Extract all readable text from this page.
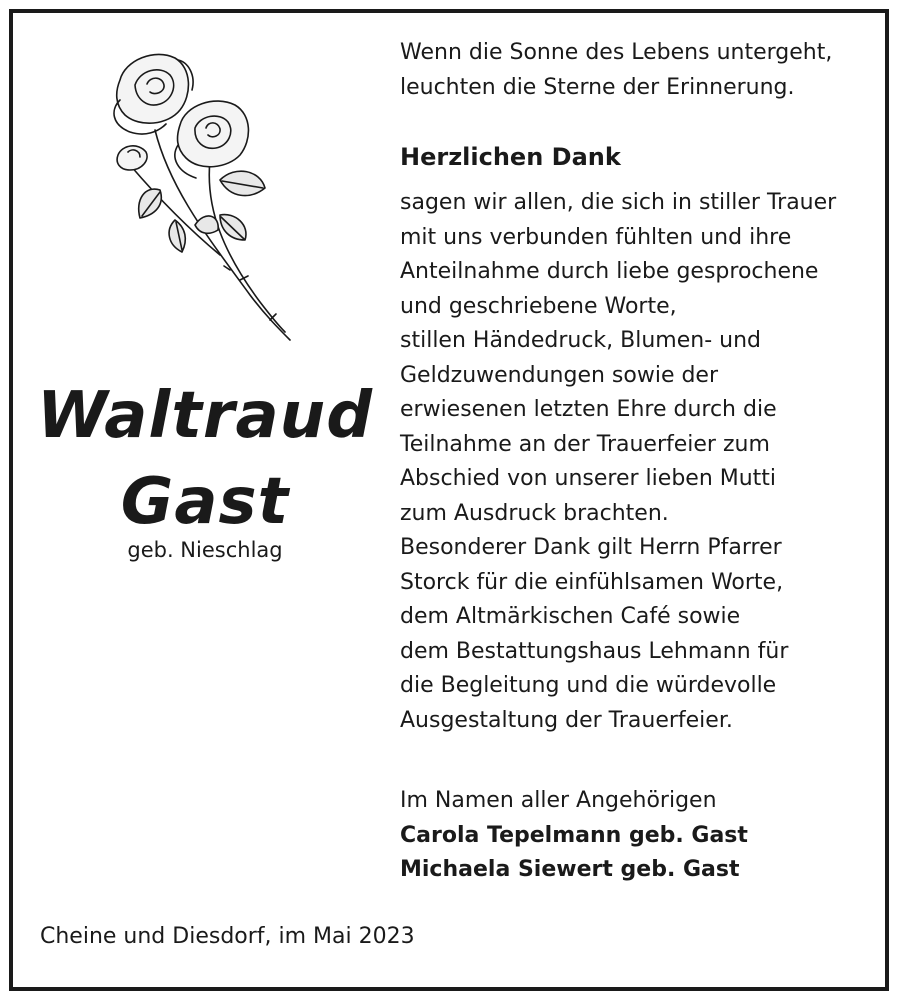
Waltraud
Gast
geb. Nieschlag
Wenn die Sonne des Lebens untergeht,
leuchten die Sterne der Erinnerung.
Herzlichen Dank
sagen wir allen, die sich in stiller Trauer
mit uns verbunden fühlten und ihre
Anteilnahme durch liebe gesprochene
und geschriebene Worte,
stillen Händedruck, Blumen- und
Geldzuwendungen sowie der
erwiesenen letzten Ehre durch die
Teilnahme an der Trauerfeier zum
Abschied von unserer lieben Mutti
zum Ausdruck brachten.
Besonderer Dank gilt Herrn Pfarrer
Storck für die einfühlsamen Worte,
dem Altmärkischen Café sowie
dem Bestattungshaus Lehmann für
die Begleitung und die würdevolle
Ausgestaltung der Trauerfeier.
Im Namen aller Angehörigen
Carola Tepelmann geb. Gast
Michaela Siewert geb. Gast
Cheine und Diesdorf, im Mai 2023
